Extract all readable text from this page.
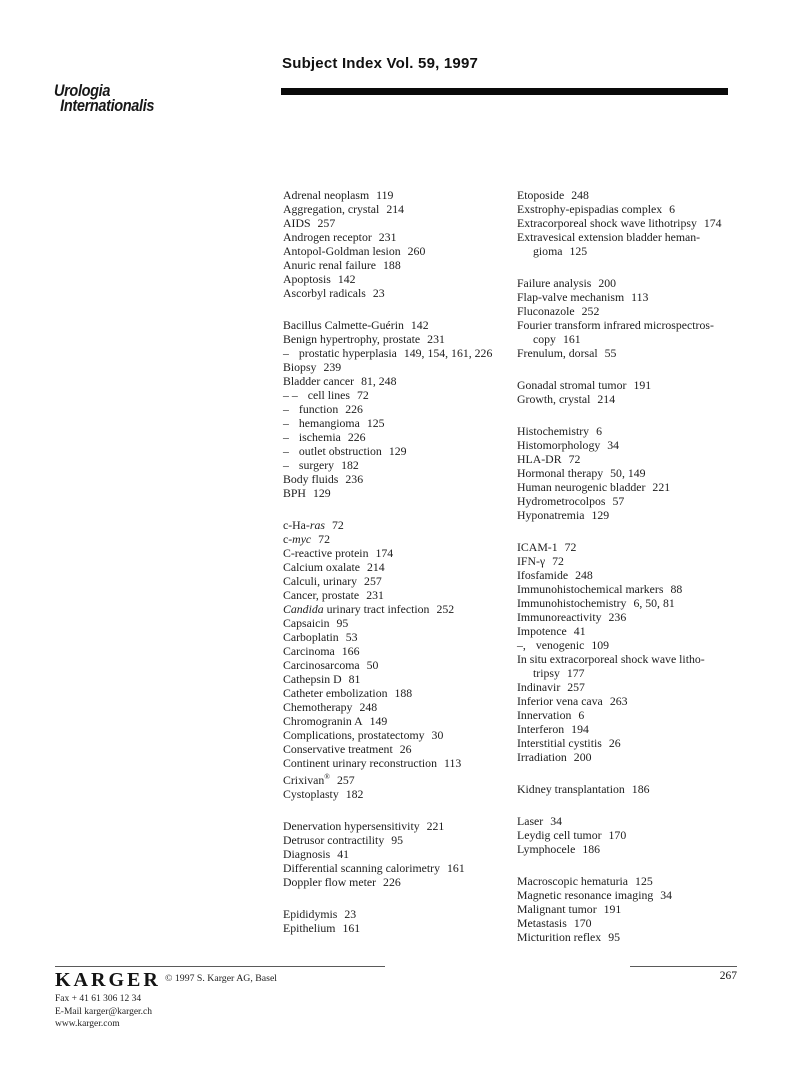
Subject Index Vol. 59, 1997
Urologia
Internationalis
Adrenal neoplasm 119
Aggregation, crystal 214
AIDS 257
Androgen receptor 231
Antopol-Goldman lesion 260
Anuric renal failure 188
Apoptosis 142
Ascorbyl radicals 23
Bacillus Calmette-Guérin 142
Benign hypertrophy, prostate 231
– prostatic hyperplasia 149, 154, 161, 226
Biopsy 239
Bladder cancer 81, 248
– – cell lines 72
– function 226
– hemangioma 125
– ischemia 226
– outlet obstruction 129
– surgery 182
Body fluids 236
BPH 129
c-Ha-ras 72
c-myc 72
C-reactive protein 174
Calcium oxalate 214
Calculi, urinary 257
Cancer, prostate 231
Candida urinary tract infection 252
Capsaicin 95
Carboplatin 53
Carcinoma 166
Carcinosarcoma 50
Cathepsin D 81
Catheter embolization 188
Chemotherapy 248
Chromogranin A 149
Complications, prostatectomy 30
Conservative treatment 26
Continent urinary reconstruction 113
Crixivan® 257
Cystoplasty 182
Denervation hypersensitivity 221
Detrusor contractility 95
Diagnosis 41
Differential scanning calorimetry 161
Doppler flow meter 226
Epididymis 23
Epithelium 161
Etoposide 248
Exstrophy-epispadias complex 6
Extracorporeal shock wave lithotripsy 174
Extravesical extension bladder heman-
gioma 125
Failure analysis 200
Flap-valve mechanism 113
Fluconazole 252
Fourier transform infrared microspectros-
copy 161
Frenulum, dorsal 55
Gonadal stromal tumor 191
Growth, crystal 214
Histochemistry 6
Histomorphology 34
HLA-DR 72
Hormonal therapy 50, 149
Human neurogenic bladder 221
Hydrometrocolpos 57
Hyponatremia 129
ICAM-1 72
IFN-γ 72
Ifosfamide 248
Immunohistochemical markers 88
Immunohistochemistry 6, 50, 81
Immunoreactivity 236
Impotence 41
–, venogenic 109
In situ extracorporeal shock wave litho-
tripsy 177
Indinavir 257
Inferior vena cava 263
Innervation 6
Interferon 194
Interstitial cystitis 26
Irradiation 200
Kidney transplantation 186
Laser 34
Leydig cell tumor 170
Lymphocele 186
Macroscopic hematuria 125
Magnetic resonance imaging 34
Malignant tumor 191
Metastasis 170
Micturition reflex 95
KARGER © 1997 S. Karger AG, Basel
Fax + 41 61 306 12 34
E-Mail karger@karger.ch
www.karger.com
267
